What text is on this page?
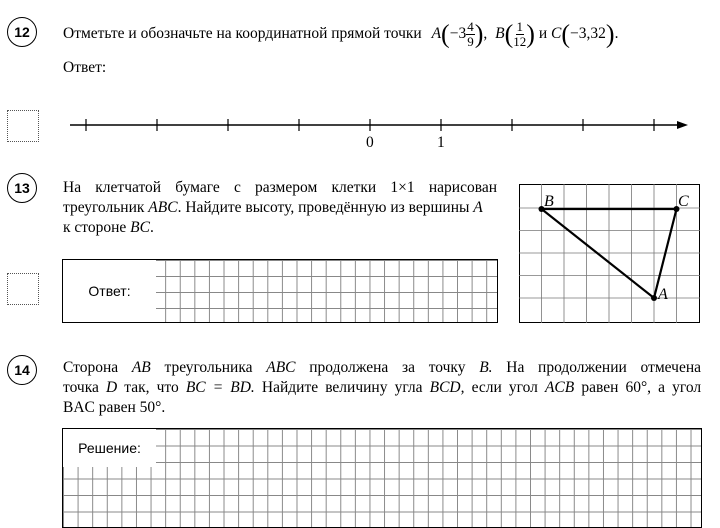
12	Отметьте и обозначьте на координатной прямой точки $A(-3 \frac{4}{9}$ ), $B( \frac{1}{12}$ ) и C(−3,32).
Ответ:
0	1
13	На клетчатой бумаге с размером клетки 1×1 нарисован
треугольник ABC. Найдите высоту, проведённую из вершины A
к стороне BC.
Ответ:
B	C
A
14	Сторона AB треугольника ABC продолжена за точку B. На продолжении отмечена
точка D так, что BC = BD. Найдите величину угла BCD, если угол ACB равен 60°, а угол
BAC равен 50°.
Решение:
